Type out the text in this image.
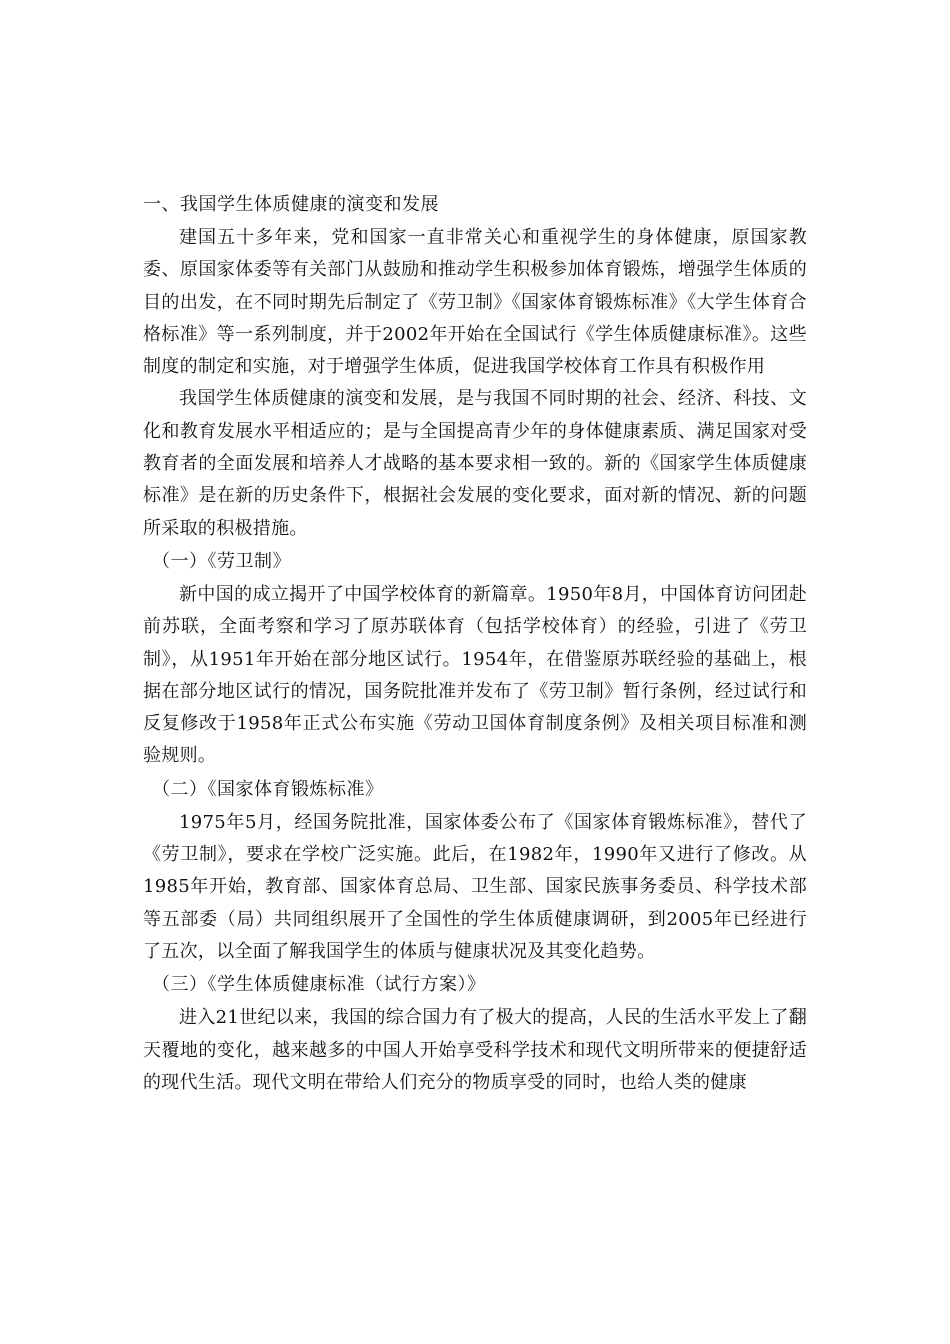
一、我国学生体质健康的演变和发展

建国五十多年来，党和国家一直非常关心和重视学生的身体健康，原国家教委、原国家体委等有关部门从鼓励和推动学生积极参加体育锻炼，增强学生体质的目的出发，在不同时期先后制定了《劳卫制》《国家体育锻炼标准》《大学生体育合格标准》等一系列制度，并于2002年开始在全国试行《学生体质健康标准》。这些制度的制定和实施，对于增强学生体质，促进我国学校体育工作具有积极作用

我国学生体质健康的演变和发展，是与我国不同时期的社会、经济、科技、文化和教育发展水平相适应的；是与全国提高青少年的身体健康素质、满足国家对受教育者的全面发展和培养人才战略的基本要求相一致的。新的《国家学生体质健康标准》是在新的历史条件下，根据社会发展的变化要求，面对新的情况、新的问题所采取的积极措施。

（一）《劳卫制》

新中国的成立揭开了中国学校体育的新篇章。1950年8月，中国体育访问团赴前苏联，全面考察和学习了原苏联体育（包括学校体育）的经验，引进了《劳卫制》，从1951年开始在部分地区试行。1954年，在借鉴原苏联经验的基础上，根据在部分地区试行的情况，国务院批准并发布了《劳卫制》暂行条例，经过试行和反复修改于1958年正式公布实施《劳动卫国体育制度条例》及相关项目标准和测验规则。

（二）《国家体育锻炼标准》

1975年5月，经国务院批准，国家体委公布了《国家体育锻炼标准》，替代了《劳卫制》，要求在学校广泛实施。此后，在1982年，1990年又进行了修改。从1985年开始，教育部、国家体育总局、卫生部、国家民族事务委员、科学技术部等五部委（局）共同组织展开了全国性的学生体质健康调研，到2005年已经进行了五次，以全面了解我国学生的体质与健康状况及其变化趋势。

（三）《学生体质健康标准（试行方案）》

进入21世纪以来，我国的综合国力有了极大的提高，人民的生活水平发上了翻天覆地的变化，越来越多的中国人开始享受科学技术和现代文明所带来的便捷舒适的现代生活。现代文明在带给人们充分的物质享受的同时，也给人类的健康
